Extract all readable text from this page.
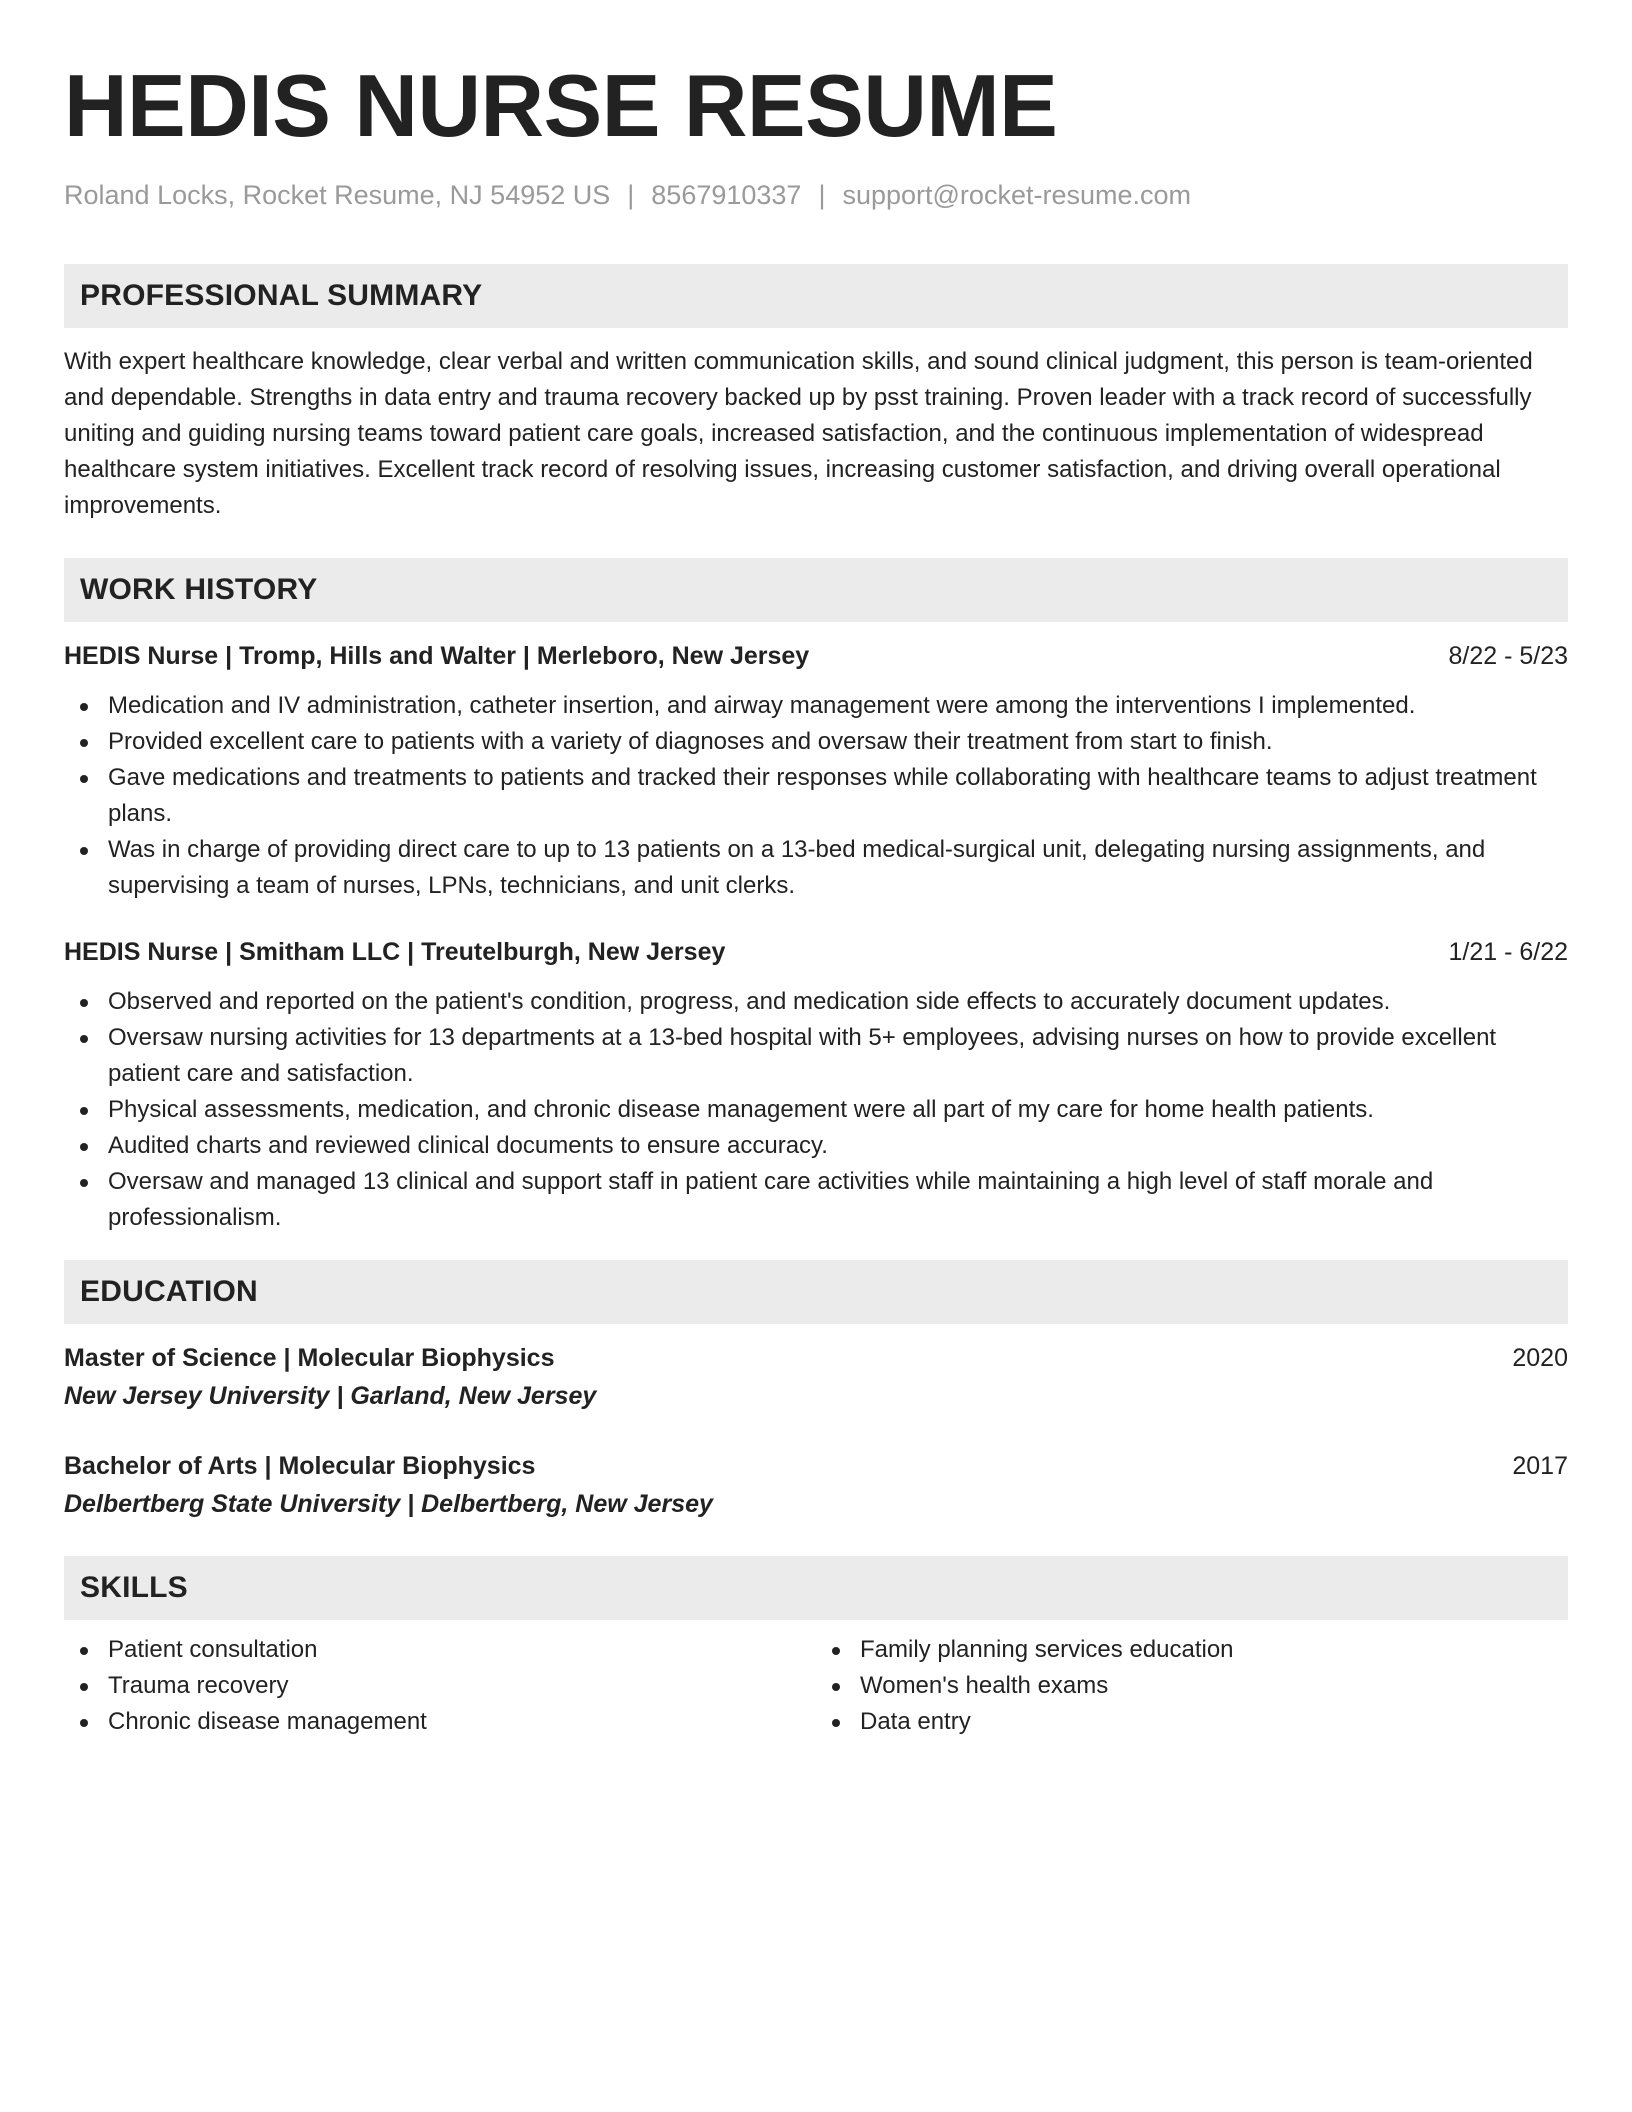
HEDIS NURSE RESUME
Roland Locks, Rocket Resume, NJ 54952 US | 8567910337 | support@rocket-resume.com
PROFESSIONAL SUMMARY
With expert healthcare knowledge, clear verbal and written communication skills, and sound clinical judgment, this person is team-oriented and dependable. Strengths in data entry and trauma recovery backed up by psst training. Proven leader with a track record of successfully uniting and guiding nursing teams toward patient care goals, increased satisfaction, and the continuous implementation of widespread healthcare system initiatives. Excellent track record of resolving issues, increasing customer satisfaction, and driving overall operational improvements.
WORK HISTORY
HEDIS Nurse | Tromp, Hills and Walter | Merleboro, New Jersey	8/22 - 5/23
Medication and IV administration, catheter insertion, and airway management were among the interventions I implemented.
Provided excellent care to patients with a variety of diagnoses and oversaw their treatment from start to finish.
Gave medications and treatments to patients and tracked their responses while collaborating with healthcare teams to adjust treatment plans.
Was in charge of providing direct care to up to 13 patients on a 13-bed medical-surgical unit, delegating nursing assignments, and supervising a team of nurses, LPNs, technicians, and unit clerks.
HEDIS Nurse | Smitham LLC | Treutelburgh, New Jersey	1/21 - 6/22
Observed and reported on the patient's condition, progress, and medication side effects to accurately document updates.
Oversaw nursing activities for 13 departments at a 13-bed hospital with 5+ employees, advising nurses on how to provide excellent patient care and satisfaction.
Physical assessments, medication, and chronic disease management were all part of my care for home health patients.
Audited charts and reviewed clinical documents to ensure accuracy.
Oversaw and managed 13 clinical and support staff in patient care activities while maintaining a high level of staff morale and professionalism.
EDUCATION
Master of Science | Molecular Biophysics	2020
New Jersey University | Garland, New Jersey
Bachelor of Arts | Molecular Biophysics	2017
Delbertberg State University | Delbertberg, New Jersey
SKILLS
Patient consultation
Trauma recovery
Chronic disease management
Family planning services education
Women's health exams
Data entry
